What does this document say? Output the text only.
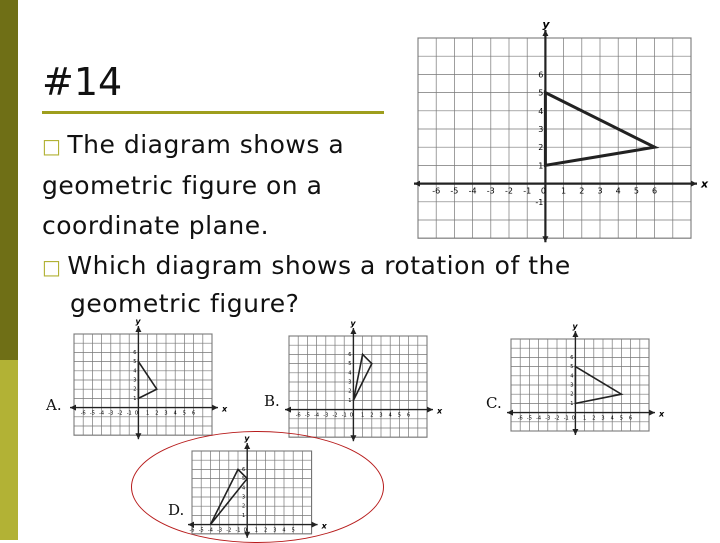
#14
□ The diagram shows a
geometric figure on a
coordinate plane.
□ Which diagram shows a rotation of the
geometric figure?
x
y
-6 -5 -4 -3 -2 -1 0 1 2 3 4 5 6
6
5
4
3
2
1
-1
x
y
-6 -5 -4 -3 -2 -1 0 1 2 3 4 5 6
6
5
4
3
2
1
x
y
-6 -5 -4 -3 -2 -1 0 1 2 3 4 5 6
6
5
4
3
2
1
x
y
-6 -5 -4 -3 -2 -1 0 1 2 3 4 5 6
6
5
4
3
2
1
x
y
-6 -5 -4 -3 -2 -1 0 1 2 3 4 5
6
5
4
3
2
1
A.	B.	C.
D.
